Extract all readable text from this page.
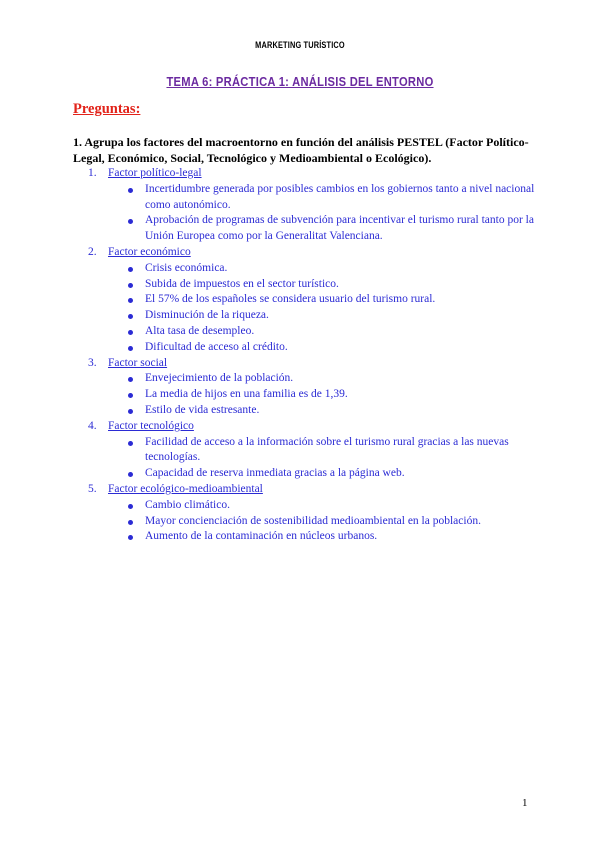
MARKETING TURÍSTICO
TEMA 6: PRÁCTICA 1: ANÁLISIS DEL ENTORNO
Preguntas:
1. Agrupa los factores del macroentorno en función del análisis PESTEL (Factor Político-Legal, Económico, Social, Tecnológico y Medioambiental o Ecológico).
1. Factor político-legal
Incertidumbre generada por posibles cambios en los gobiernos tanto a nivel nacional como autonómico.
Aprobación de programas de subvención para incentivar el turismo rural tanto por la Unión Europea como por la Generalitat Valenciana.
2. Factor económico
Crisis económica.
Subida de impuestos en el sector turístico.
El 57% de los españoles se considera usuario del turismo rural.
Disminución de la riqueza.
Alta tasa de desempleo.
Dificultad de acceso al crédito.
3. Factor social
Envejecimiento de la población.
La media de hijos en una familia es de 1,39.
Estilo de vida estresante.
4. Factor tecnológico
Facilidad de acceso a la información sobre el turismo rural gracias a las nuevas tecnologías.
Capacidad de reserva inmediata gracias a la página web.
5. Factor ecológico-medioambiental
Cambio climático.
Mayor concienciación de sostenibilidad medioambiental en la población.
Aumento de la contaminación en núcleos urbanos.
1
